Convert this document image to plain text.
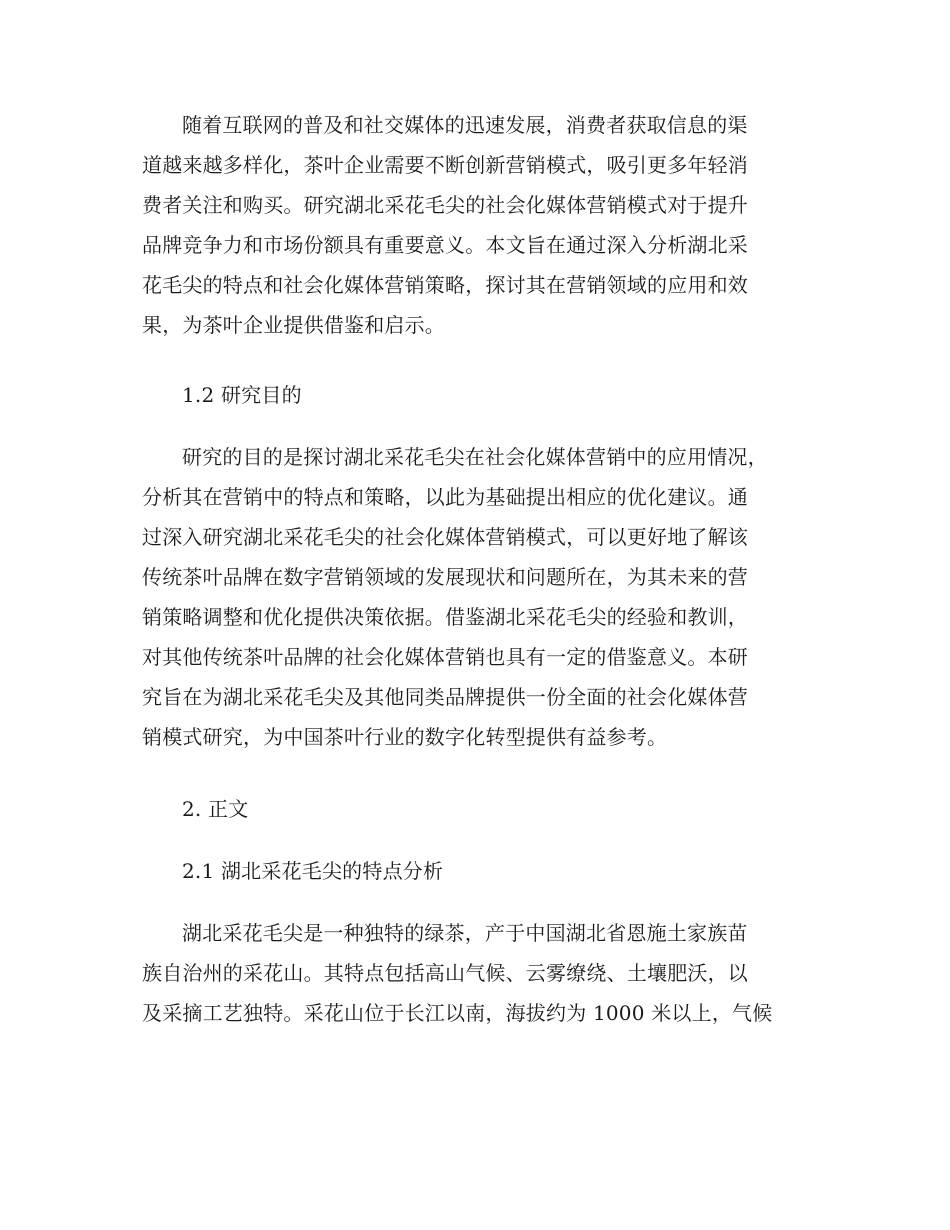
随着互联网的普及和社交媒体的迅速发展，消费者获取信息的渠
道越来越多样化，茶叶企业需要不断创新营销模式，吸引更多年轻消
费者关注和购买。研究湖北采花毛尖的社会化媒体营销模式对于提升
品牌竞争力和市场份额具有重要意义。本文旨在通过深入分析湖北采
花毛尖的特点和社会化媒体营销策略，探讨其在营销领域的应用和效
果，为茶叶企业提供借鉴和启示。
1.2 研究目的
研究的目的是探讨湖北采花毛尖在社会化媒体营销中的应用情况，
分析其在营销中的特点和策略，以此为基础提出相应的优化建议。通
过深入研究湖北采花毛尖的社会化媒体营销模式，可以更好地了解该
传统茶叶品牌在数字营销领域的发展现状和问题所在，为其未来的营
销策略调整和优化提供决策依据。借鉴湖北采花毛尖的经验和教训，
对其他传统茶叶品牌的社会化媒体营销也具有一定的借鉴意义。本研
究旨在为湖北采花毛尖及其他同类品牌提供一份全面的社会化媒体营
销模式研究，为中国茶叶行业的数字化转型提供有益参考。
2. 正文
2.1 湖北采花毛尖的特点分析
湖北采花毛尖是一种独特的绿茶，产于中国湖北省恩施土家族苗
族自治州的采花山。其特点包括高山气候、云雾缭绕、土壤肥沃，以
及采摘工艺独特。采花山位于长江以南，海拔约为 1000 米以上，气候
